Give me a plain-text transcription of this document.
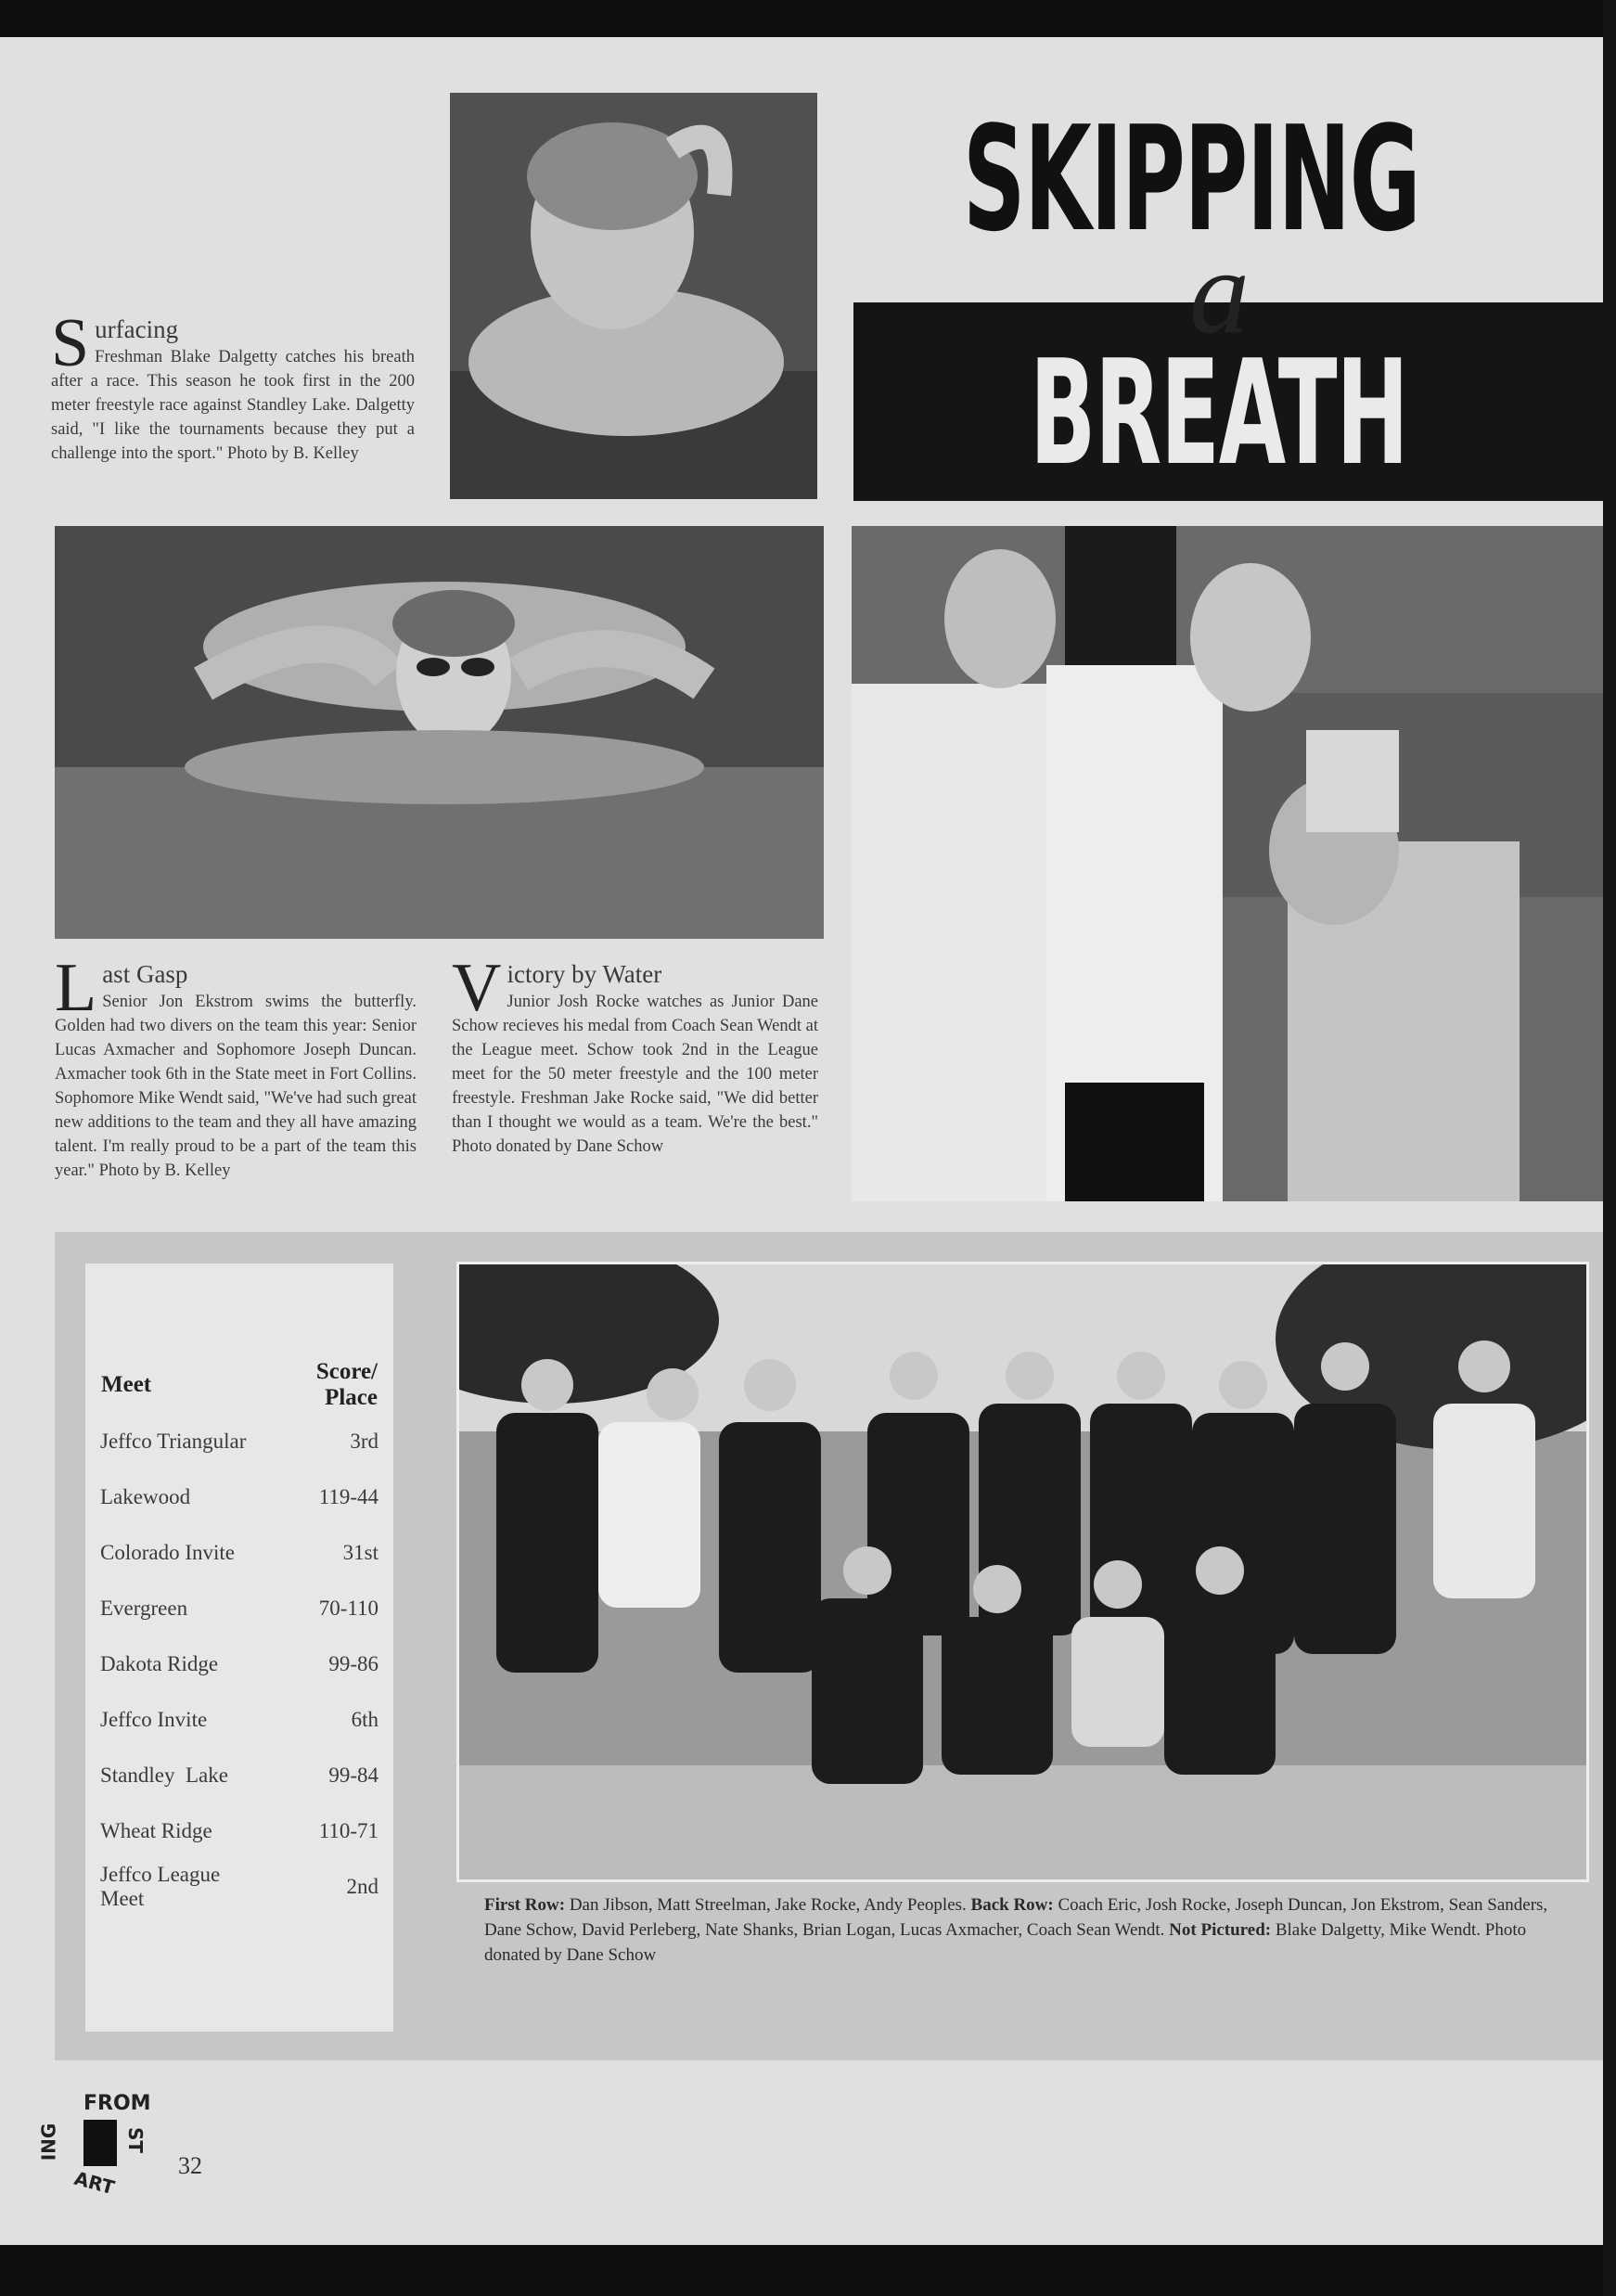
SKIPPING
a
BREATH
S urfacing
Freshman Blake Dalgetty catches his breath after a race. This season he took first in the 200 meter freestyle race against Standley Lake. Dalgetty said, "I like the tournaments because they put a challenge into the sport." Photo by B. Kelley
L ast Gasp
Senior Jon Ekstrom swims the butterfly. Golden had two divers on the team this year: Senior Lucas Axmacher and Sophomore Joseph Duncan. Axmacher took 6th in the State meet in Fort Collins. Sophomore Mike Wendt said, "We've had such great new additions to the team and they all have amazing talent. I'm really proud to be a part of the team this year." Photo by B. Kelley
V ictory by Water
Junior Josh Rocke watches as Junior Dane Schow recieves his medal from Coach Sean Wendt at the League meet. Schow took 2nd in the League meet for the 50 meter freestyle and the 100 meter freestyle. Freshman Jake Rocke said, "We did better than I thought we would as a team. We're the best." Photo donated by Dane Schow
Meet	Score/ Place
Jeffco Triangular	3rd
Lakewood	119-44
Colorado Invite	31st
Evergreen	70-110
Dakota Ridge	99-86
Jeffco Invite	6th
Standley  Lake	99-84
Wheat Ridge	110-71
Jeffco League Meet	2nd
First Row: Dan Jibson, Matt Streelman, Jake Rocke, Andy Peoples. Back Row: Coach Eric, Josh Rocke, Joseph Duncan, Jon Ekstrom, Sean Sanders, Dane Schow, David Perleberg, Nate Shanks, Brian Logan, Lucas Axmacher, Coach Sean Wendt. Not Pictured: Blake Dalgetty, Mike Wendt. Photo donated by Dane Schow
FROM
ING	ST
ART
32
